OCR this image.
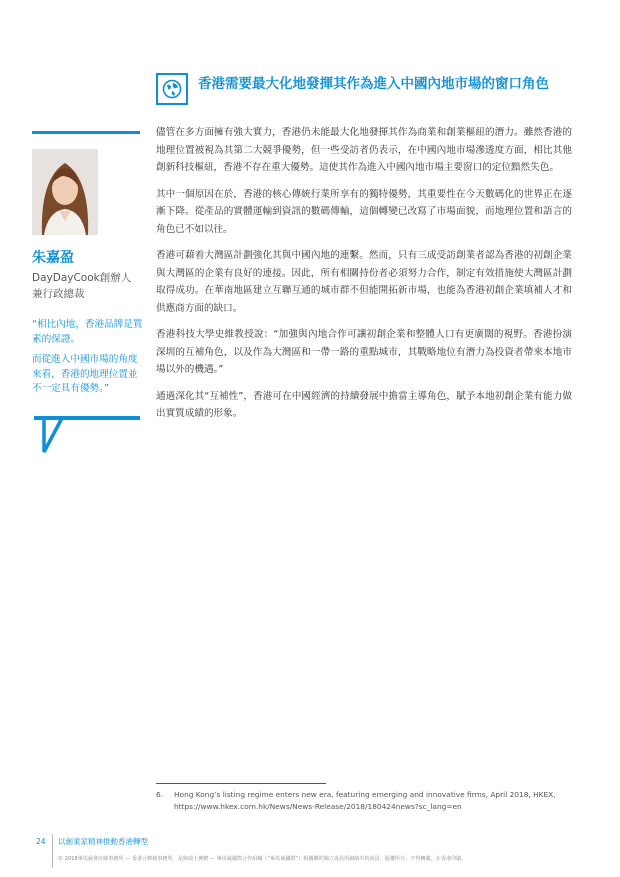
香港需要最大化地發揮其作為進入中國內地市場的窗口角色
朱嘉盈
DayDayCook創辦人兼行政總裁

“相比內地，香港品牌是質素的保證。

而從進入中國市場的角度來看，香港的地理位置並不一定具有優勢。”

儘管在多方面擁有強大實力，香港仍未能最大化地發揮其作為商業和創業樞紐的潛力。雖然香港的地理位置被視為其第二大競爭優勢，但一些受訪者仍表示，在中國內地市場滲透度方面，相比其他創新科技樞紐，香港不存在重大優勢。這使其作為進入中國內地市場主要窗口的定位黯然失色。

其中一個原因在於，香港的核心傳統行業所享有的獨特優勢，其重要性在今天數碼化的世界正在逐漸下降。從產品的實體運輸到資訊的數碼傳輸，這個轉變已改寫了市場面貌，而地理位置和語言的角色已不如以往。

香港可藉着大灣區計劃強化其與中國內地的連繫。然而，只有三成受訪創業者認為香港的初創企業與大灣區的企業有良好的連接。因此，所有相關持份者必須努力合作，制定有效措施使大灣區計劃取得成功。在華南地區建立互聯互通的城市群不但能開拓新市場，也能為香港初創企業填補人才和供應商方面的缺口。

香港科技大學史維教授說：“加強與內地合作可讓初創企業和整體人口有更廣闊的視野。香港扮演深圳的互補角色，以及作為大灣區和一帶一路的重點城市，其戰略地位有潛力為投資者帶來本地市場以外的機遇。”

通過深化其“互補性”，香港可在中國經濟的持續發展中擔當主導角色，賦予本地初創企業有能力做出實質成績的形象。

6. Hong Kong’s listing regime enters new era, featuring emerging and innovative firms, April 2018, HKEX, https://www.hkex.com.hk/News/News-Release/2018/180424news?sc_lang=en
24 以創業家精神推動香港轉型
© 2018畢馬威會計師事務所 — 香港合夥制事務所，是與瑞士實體 — 畢馬威國際合作組織（“畢馬威國際”）相關聯的獨立成員所網絡中的成員。版權所有，不得轉載。在香港印刷。
